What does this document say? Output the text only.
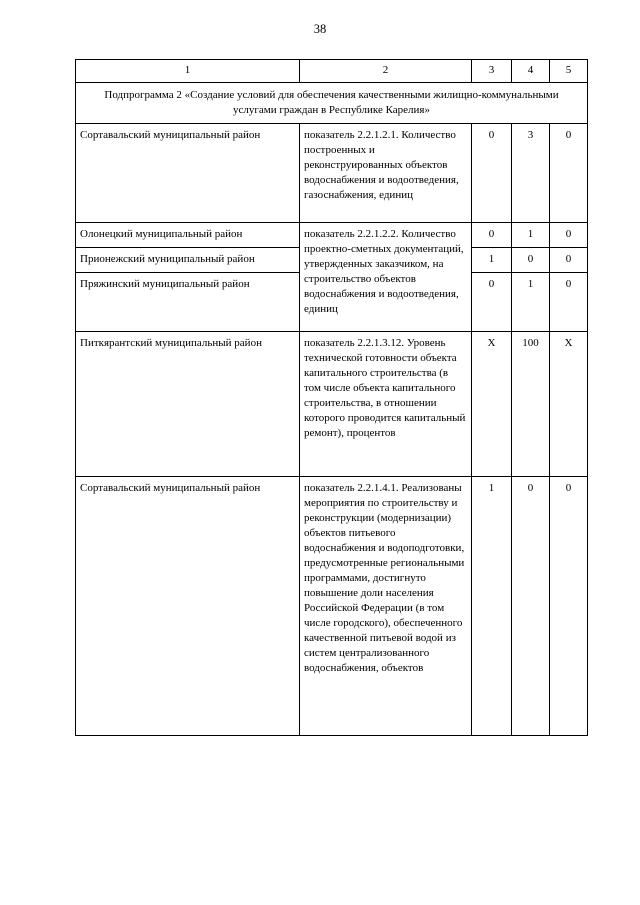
38
1	2	3	4	5
Подпрограмма 2 «Создание условий для обеспечения качественными жилищно-коммунальными услугами граждан в Республике Карелия»				
Сортавальский муниципальный район	показатель 2.2.1.2.1. Количество построенных и реконструированных объектов водоснабжения и водоотведения, газоснабжения, единиц	0	3	0
Олонецкий муниципальный район	показатель 2.2.1.2.2. Количество проектно-сметных документаций, утвержденных заказчиком, на строительство объектов водоснабжения и водоотведения, единиц	0	1	0
Прионежский муниципальный район		1	0	0
Пряжинский муниципальный район		0	1	0
Питкярантский муниципальный район	показатель 2.2.1.3.12. Уровень технической готовности объекта капитального строительства (в том числе объекта капитального строительства, в отношении которого проводится капитальный ремонт), процентов	Х	100	Х
Сортавальский муниципальный район	показатель 2.2.1.4.1. Реализованы мероприятия по строительству и реконструкции (модернизации) объектов питьевого водоснабжения и водоподготовки, предусмотренные региональными программами, достигнуто повышение доли населения Российской Федерации (в том числе городского), обеспеченного качественной питьевой водой из систем централизованного водоснабжения, объектов	1	0	0
